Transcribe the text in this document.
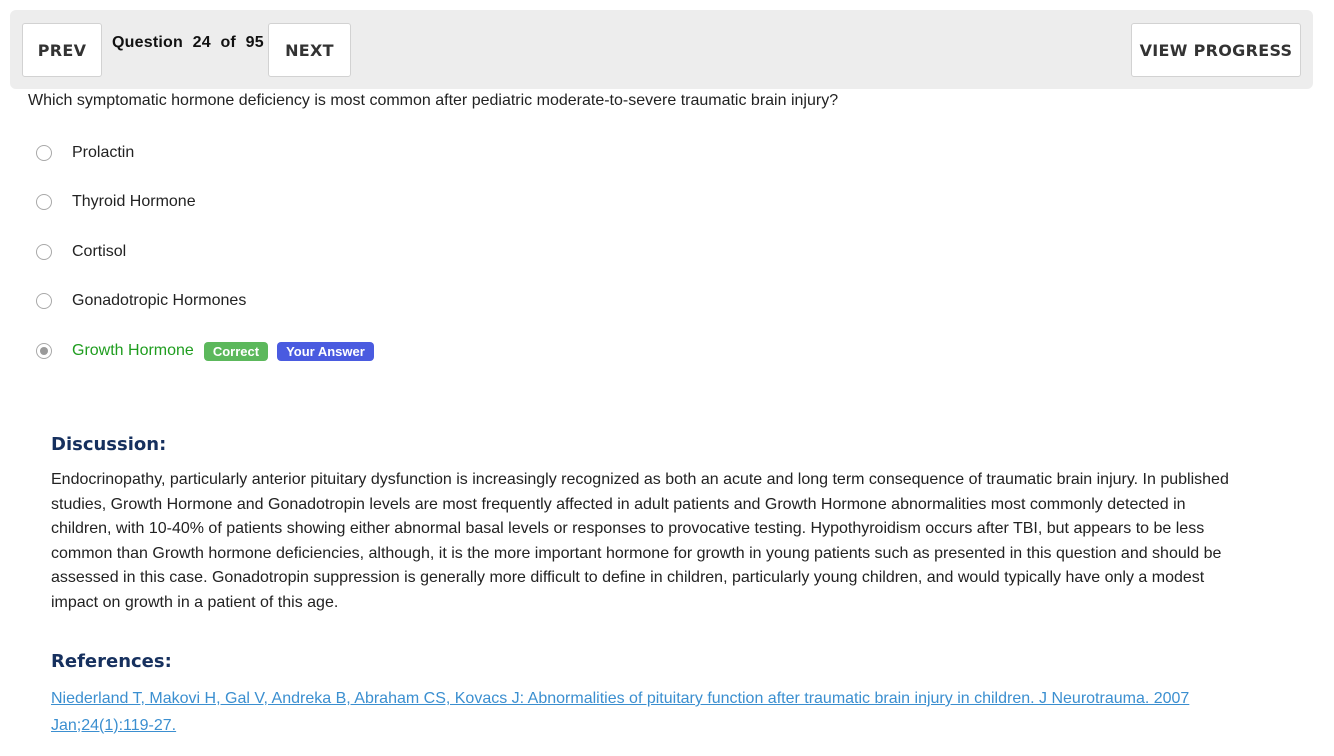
PREV	Question 24 of 95	NEXT	VIEW PROGRESS
Which symptomatic hormone deficiency is most common after pediatric moderate-to-severe traumatic brain injury?
Prolactin
Thyroid Hormone
Cortisol
Gonadotropic Hormones
Growth Hormone	Correct	Your Answer
Discussion:
Endocrinopathy, particularly anterior pituitary dysfunction is increasingly recognized as both an acute and long term consequence of traumatic brain injury. In published studies, Growth Hormone and Gonadotropin levels are most frequently affected in adult patients and Growth Hormone abnormalities most commonly detected in children, with 10-40% of patients showing either abnormal basal levels or responses to provocative testing. Hypothyroidism occurs after TBI, but appears to be less common than Growth hormone deficiencies, although, it is the more important hormone for growth in young patients such as presented in this question and should be assessed in this case. Gonadotropin suppression is generally more difficult to define in children, particularly young children, and would typically have only a modest impact on growth in a patient of this age.
References:
Niederland T, Makovi H, Gal V, Andreka B, Abraham CS, Kovacs J: Abnormalities of pituitary function after traumatic brain injury in children. J Neurotrauma. 2007 Jan;24(1):119-27.
